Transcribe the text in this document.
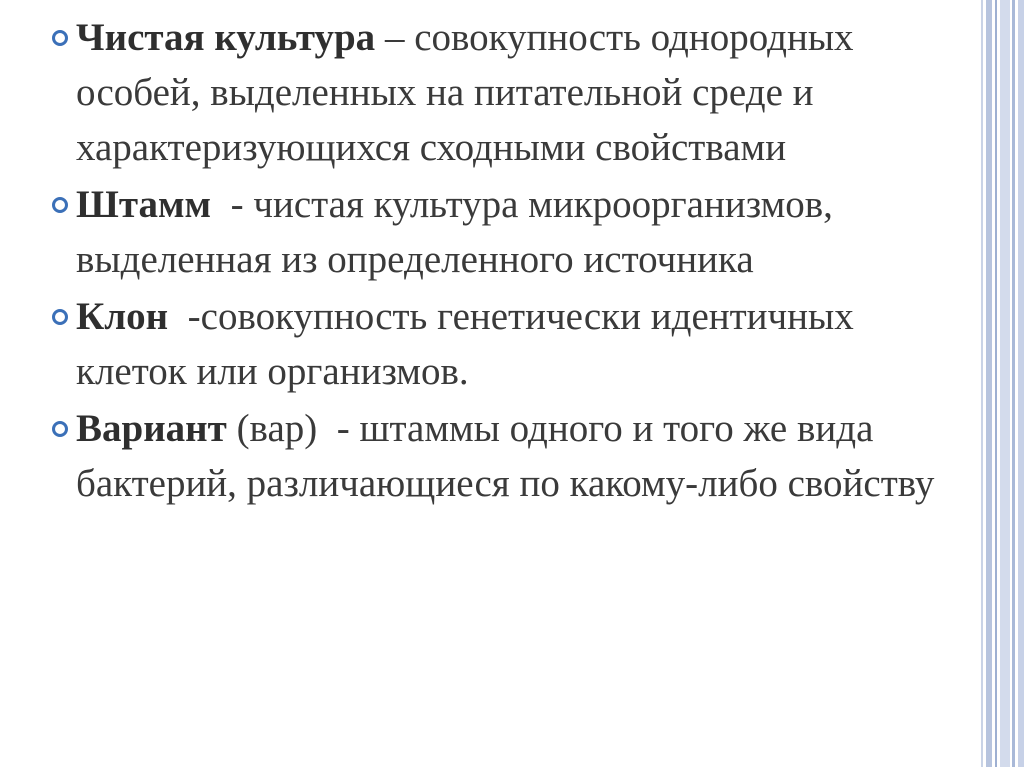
Чистая культура – совокупность однородных особей, выделенных на питательной среде и характеризующихся сходными свойствами
Штамм  - чистая культура микроорганизмов, выделенная из определенного источника
Клон  -совокупность генетически идентичных клеток или организмов.
Вариант (вар)  - штаммы одного и того же вида бактерий, различающиеся по какому-либо свойству
